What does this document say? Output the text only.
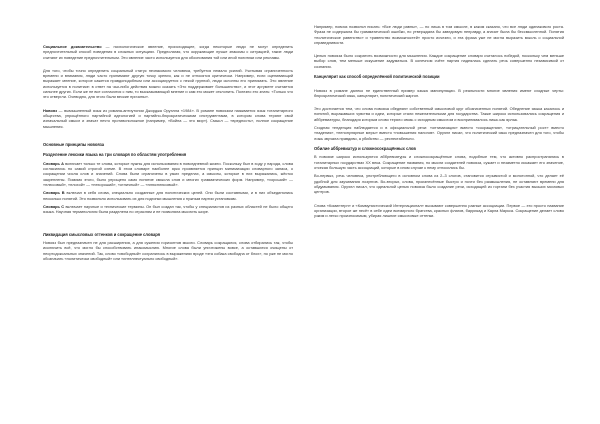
Социальное доказательство — психологическое явление, происходящее, когда некоторые люди не могут определить предпочтительный способ поведения в сложных ситуациях. Предполагая, что окружающие лучше знакомы с ситуацией, такие люди считают их поведение предпочтительным. Это явление часто используется для обоснования той или иной политики или рекламы.

Для того, чтобы точно определить социальный статус незнакомого человека, требуется немало усилий. Учитывая ограниченность времени и внимания, люди часто принимают другую точку зрения, как и не относятся критически. Например, если оценивающий выражает мнение, которое кажется правдоподобным или ассоциируется с некой группой, люди склонны его принимать. Это явление используется в политике: в ответ на чьи-либо действия можно сказать «Это поддерживает большинство», и этот аргумент считается сильнее других. Если же не все согласятся с ним, то высказывающий мнение и сам его может отклонить. Полезно это знать: «Только что это отвергли. Очевидно, для этого были веские причины».

Новояз — вымышленный язык из романа-антиутопии Джорджа Оруэлла «1984». В романе новоязом называется язык тоталитарного общества, упрощённого партийной идеологией и партийно-бюрократическими инструментами, в котором слова теряют свой изначальный смысл и значат нечто противоположное (например, «Война — это мир»). Смысл — «вредность», полное сокращение мышления.

Основные принципы новояза
Разделение лексики языка на три словаря по областям употребления

Словарь A включает только те слова, которые нужны для использования в повседневной жизни. Поскольку был в ходу у народа, слова согласились по самой строгой схеме. В этом словаре наиболее ярко проявляется принцип минимизации словарного запаса, о сокращении числа слов и значений. Слова были ограничены в узких пределах, а смыслы, которые в них выражались, жёстко закреплены. Помимо этого, было упрощено само понятие смысла слов и многих грамматических форм. Например, «хороший» — «плюсовый», «плохой» — «нехороший», «отличный» — «плюсплюсовый».

Словарь B включал в себя слова, специально созданные для политических целей. Они были составными, и в них объединялись несколько понятий. Это позволяло использовать их для подгонки мышления к нужным партии установкам.

Словарь C включает научные и технические термины. Он был создан так, чтобы у специалистов из разных областей не было общего языка. Научная терминология была разделена по отраслям и не позволяла мыслить шире.

Ликвидация смысловых оттенков и сокращение словаря

Новояз был предназначен не для расширения, а для сужения горизонтов мысли. Словарь сокращался, слова отбирались так, чтобы исключить всё, что могло бы способствовать инакомыслию. Многие слова были уничтожены вовсе, а оставшиеся очищены от неортодоксальных значений. Так, слово «свободный» сохранилось в выражениях вроде «эта собака свободна от блох», но уже не могло обозначать «политически свободный» или «интеллектуально свободный».

Например, новояз позволял писать: «Все люди равны», — но лишь в том смысле, в каком сказано, что все люди одинакового роста. Фраза не содержала бы грамматической ошибки, но утверждала бы заведомую неправду, а значит была бы бессмысленной. Понятия «политическое равенство» и «равенство возможностей» просто исчезли, и эта фраза уже не могла выразить мысль о социальной справедливости.

Целью новояза было сократить возможности для мышления. Каждое сокращение словаря считалось победой, поскольку чем меньше выбор слов, тем меньше искушение задуматься. В конечном счёте партия надеялась сделать речь совершенно независимой от сознания.

Канцелярит как способ определённой политической позиции

Новояз в романе далеко не единственный пример языка манипуляции. В реальности многие явления имеют сходные черты: бюрократический язык, канцелярит, политический жаргон.

Это достигается тем, что слова новояза обедняют собственный смысловой круг обозначенных понятий. Обеднение языка касалось и понятий, выражавших чувства и идеи, которые стали нежелательными для государства. Также широко использовались сокращения и аббревиатуры, благодаря которым слово теряло связь с исходным смыслом и воспринималось лишь как ярлык.

Сходная тенденция наблюдается и в официальной речи: «оптимизация» вместо «сокращения», «отрицательный рост» вместо «падения», «непопулярные меры» вместо «повышения налогов». Оруэлл писал, что политический язык предназначен для того, чтобы ложь звучала правдиво, а убийство — респектабельно.

Обилие аббревиатур и сложносокращённых слов

В новоязе широко используются аббревиатуры и сложносокращённые слова, подобные тем, что активно распространялись в тоталитарных государствах XX века. Сокращение названия, по мысли создателей новояза, сужает и незаметно искажает его значение, отсекая большую часть ассоциаций, которые в ином случае к нему относились бы.

Во-первых, речь человека, употребляющего в основном слова из 2–3 слогов, становится отрывистой и монотонной, что делает её удобной для заучивания лозунгов. Во-вторых, слова, произнесённые быстро и почти без размышления, не оставляют времени для обдумывания. Оруэлл писал, что идеальной целью новояза было создание речи, исходящей из гортани без участия высших мозговых центров.

Слова «Коминтерн» и «Коммунистический Интернационал» вызывают совершенно разные ассоциации. Первое — это просто название организации, второе же несёт в себе идеи всемирного братства, красных флагов, баррикад и Карла Маркса. Сокращение делает слово узким и легко произносимым, убирая лишние смысловые оттенки.
